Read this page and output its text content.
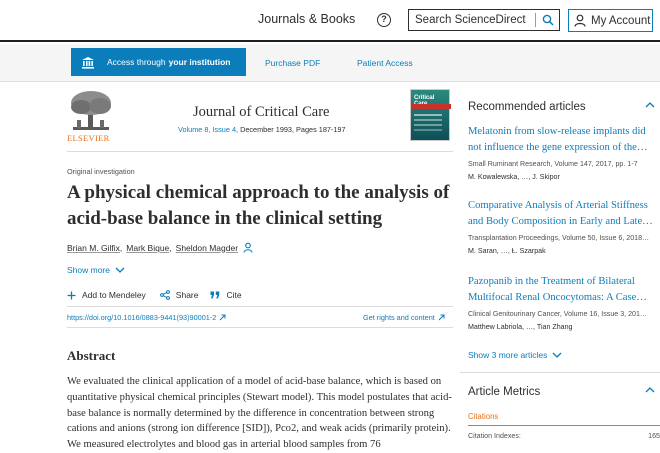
Journals & Books	?
Search ScienceDirect	My Account
Access through your institution	Purchase PDF	Patient Access
ELSEVIER
Journal of Critical Care
Volume 8, Issue 4, December 1993, Pages 187-197
Critical
Original investigation
A physical chemical approach to the analysis of acid-base balance in the clinical setting
Brian M. Gilfix , Mark Bique , Sheldon Magder
Show more
Add to Mendeley	Share	Cite
https://doi.org/10.1016/0883-9441(93)90001-2	Get rights and content
Abstract

We evaluated the clinical application of a model of acid-base balance, which is based on quantitative physical chemical principles (Stewart model). This model postulates that acid-base balance is normally determined by the difference in concentration between strong cations and anions (strong ion difference [SID]), Pco2, and weak acids (primarily protein). We measured electrolytes and blood gas in arterial blood samples from 76

Recommended articles
Melatonin from slow-release implants did
not influence the gene expression of the…
Small Ruminant Research, Volume 147, 2017, pp. 1-7
M. Kowalewska, …, J. Skipor
Comparative Analysis of Arterial Stiffness
and Body Composition in Early and Late…
Transplantation Proceedings, Volume 50, Issue 6, 2018…
M. Saran, …, Ł. Szarpak
Pazopanib in the Treatment of Bilateral
Multifocal Renal Oncocytomas: A Case…
Clinical Genitourinary Cancer, Volume 16, Issue 3, 201…
Matthew Labriola, …, Tian Zhang
Show 3 more articles
Article Metrics
Citations
Citation Indexes:	165
